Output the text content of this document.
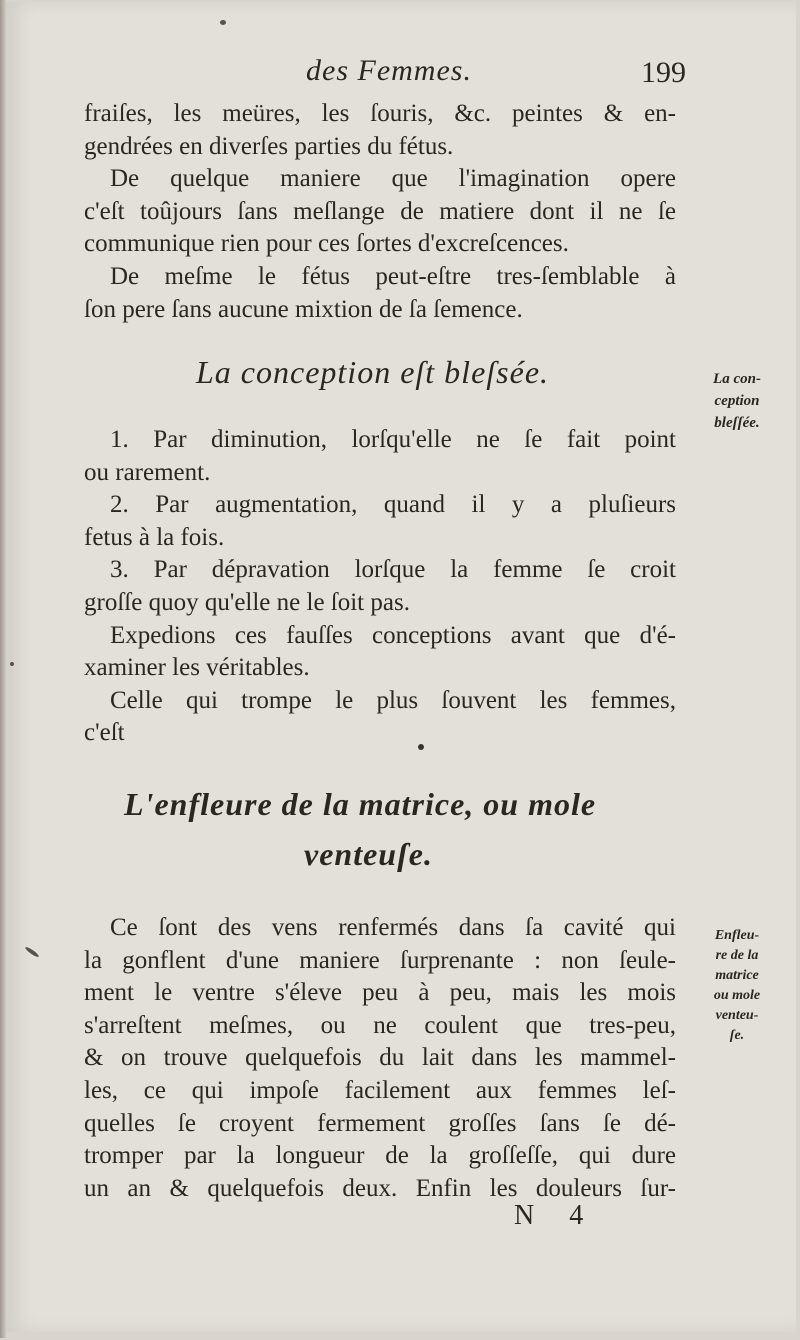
des Femmes.	199

fraiſes, les meüres, les ſouris, &c. peintes & en-

gendrées en diverſes parties du fétus.

De quelque maniere que l'imagination opere

c'eſt toûjours ſans meſlange de matiere dont il ne ſe

communique rien pour ces ſortes d'excreſcences.

De meſme le fétus peut-eſtre tres-ſemblable à

ſon pere ſans aucune mixtion de ſa ſemence.

La conception eſt bleſsée.	La con-
ception
bleſſée.

1. Par diminution, lorſqu'elle ne ſe fait point

ou rarement.

2. Par augmentation, quand il y a pluſieurs

fetus à la fois.

3. Par dépravation lorſque la femme ſe croit

groſſe quoy qu'elle ne le ſoit pas.

Expedions ces fauſſes conceptions avant que d'é-

xaminer les véritables.

Celle qui trompe le plus ſouvent les femmes,

c'eſt

L'enfleure de la matrice, ou mole
venteuſe.
Enfleu-
re de la
matrice
ou mole
venteu-
ſe.

Ce ſont des vens renfermés dans ſa cavité qui

la gonflent d'une maniere ſurprenante : non ſeule-

ment le ventre s'éleve peu à peu, mais les mois

s'arreſtent meſmes, ou ne coulent que tres-peu,

& on trouve quelquefois du lait dans les mammel-

les, ce qui impoſe facilement aux femmes leſ-

quelles ſe croyent fermement groſſes ſans ſe dé-

tromper par la longueur de la groſſeſſe, qui dure

un an & quelquefois deux. Enfin les douleurs ſur-

N 4
